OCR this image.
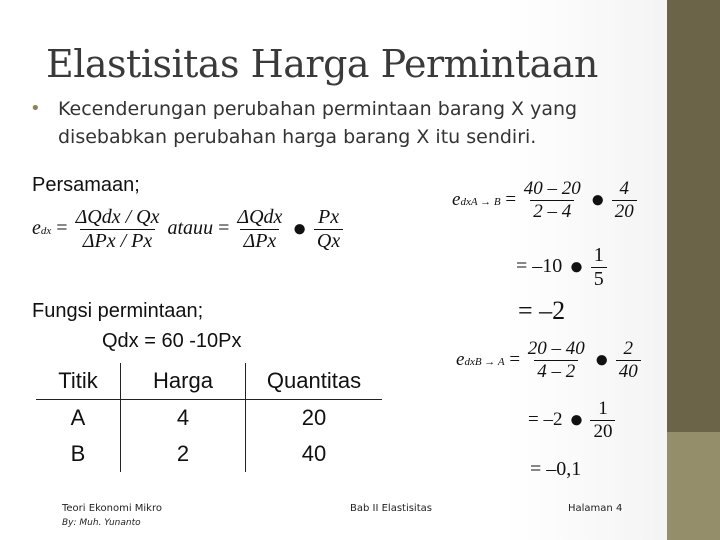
Elastisitas Harga Permintaan
• Kecenderungan perubahan permintaan barang X yang
disebabkan perubahan harga barang X itu sendiri.
Persamaan;
edx = $\frac{\text{ΔQdx / Qx}}{\text{ΔPx / Px}}$ atauu = $\frac{\text{ΔQdx}}{\text{ΔPx}}$ ● $\frac{Px}{Qx}$
Fungsi permintaan;
Qdx = 60 -10Px
Titik	Harga	Quantitas
A	4	20
B	2	40
edxA → $B = \frac{40 - 20}{2 - 4}$ ● $\frac{4}{20}$
= –10 ● $\frac{1}{5}$
= –2
edxB → $A = \frac{20 - 40}{4 - 2}$ ● $\frac{2}{40}$
= –2 ● $\frac{1}{20}$
= –0,1
Teori Ekonomi Mikro
By: Muh. Yunanto
Bab II Elastisitas	Halaman 4
